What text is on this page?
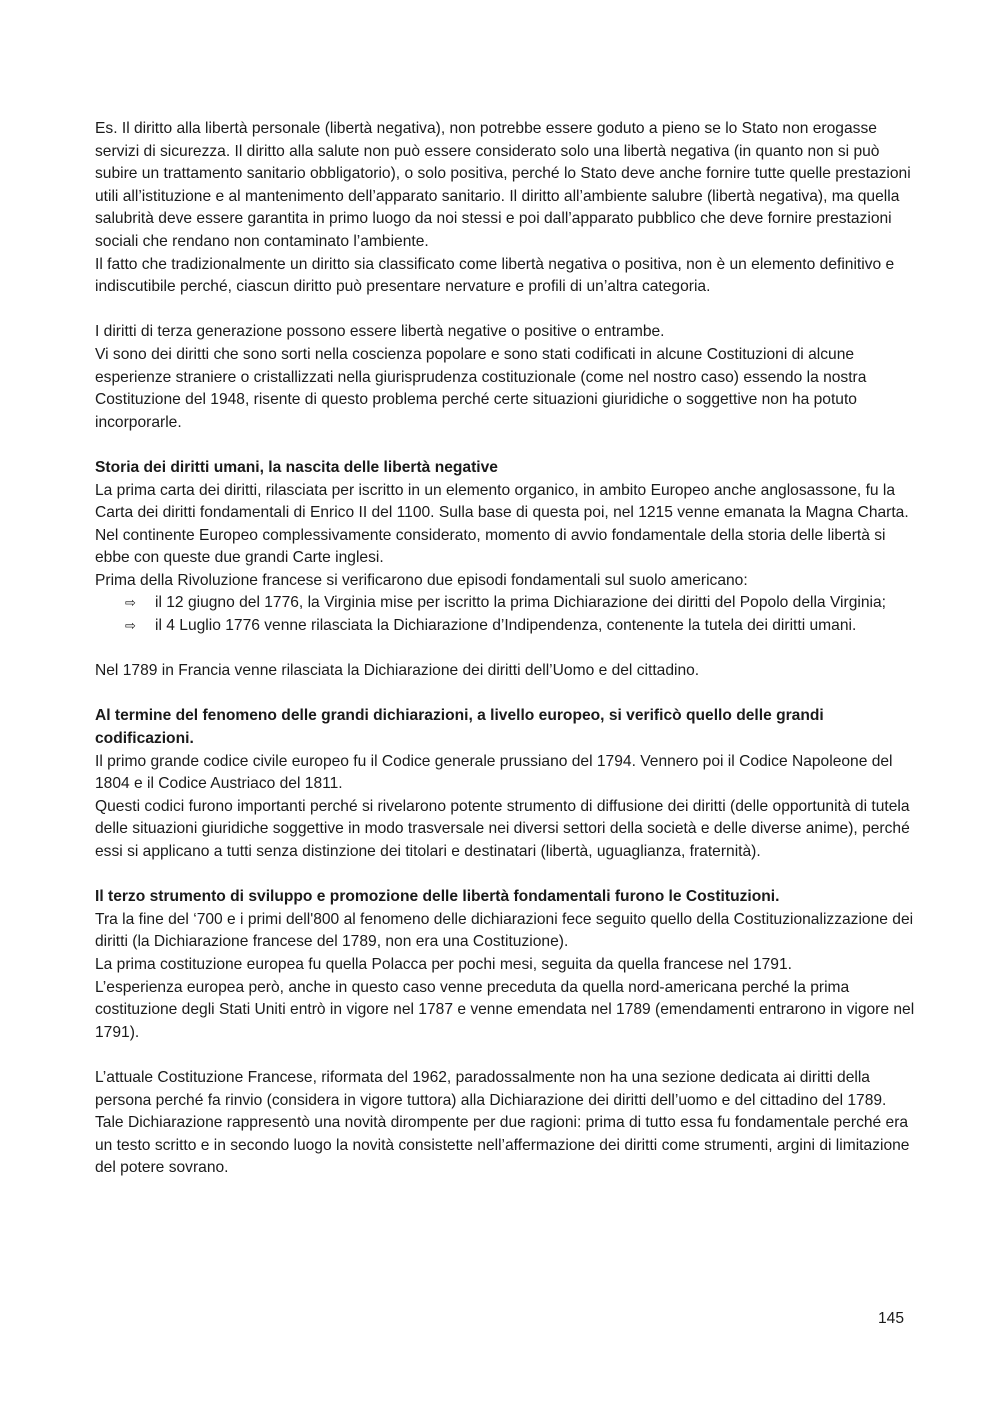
Es. Il diritto alla libertà personale (libertà negativa), non potrebbe essere goduto a pieno se lo Stato non erogasse servizi di sicurezza. Il diritto alla salute non può essere considerato solo una libertà negativa (in quanto non si può subire un trattamento sanitario obbligatorio), o solo positiva, perché lo Stato deve anche fornire tutte quelle prestazioni utili all’istituzione e al mantenimento dell’apparato sanitario. Il diritto all’ambiente salubre (libertà negativa), ma quella salubrità deve essere garantita in primo luogo da noi stessi e poi dall’apparato pubblico che deve fornire prestazioni sociali che rendano non contaminato l’ambiente.

Il fatto che tradizionalmente un diritto sia classificato come libertà negativa o positiva, non è un elemento definitivo e indiscutibile perché, ciascun diritto può presentare nervature e profili di un’altra categoria.

I diritti di terza generazione possono essere libertà negative o positive o entrambe.

Vi sono dei diritti che sono sorti nella coscienza popolare e sono stati codificati in alcune Costituzioni di alcune esperienze straniere o cristallizzati nella giurisprudenza costituzionale (come nel nostro caso) essendo la nostra Costituzione del 1948, risente di questo problema perché certe situazioni giuridiche o soggettive non ha potuto incorporarle.

Storia dei diritti umani, la nascita delle libertà negative

La prima carta dei diritti, rilasciata per iscritto in un elemento organico, in ambito Europeo anche anglosassone, fu la Carta dei diritti fondamentali di Enrico II del 1100. Sulla base di questa poi, nel 1215 venne emanata la Magna Charta. Nel continente Europeo complessivamente considerato, momento di avvio fondamentale della storia delle libertà si ebbe con queste due grandi Carte inglesi.

Prima della Rivoluzione francese si verificarono due episodi fondamentali sul suolo americano:

⇨ il 12 giugno del 1776, la Virginia mise per iscritto la prima Dichiarazione dei diritti del Popolo della Virginia;
⇨ il 4 Luglio 1776 venne rilasciata la Dichiarazione d’Indipendenza, contenente la tutela dei diritti umani.

Nel 1789 in Francia venne rilasciata la Dichiarazione dei diritti dell’Uomo e del cittadino.

Al termine del fenomeno delle grandi dichiarazioni, a livello europeo, si verificò quello delle grandi codificazioni.

Il primo grande codice civile europeo fu il Codice generale prussiano del 1794. Vennero poi il Codice Napoleone del 1804 e il Codice Austriaco del 1811.

Questi codici furono importanti perché si rivelarono potente strumento di diffusione dei diritti (delle opportunità di tutela delle situazioni giuridiche soggettive in modo trasversale nei diversi settori della società e delle diverse anime), perché essi si applicano a tutti senza distinzione dei titolari e destinatari (libertà, uguaglianza, fraternità).

Il terzo strumento di sviluppo e promozione delle libertà fondamentali furono le Costituzioni.

Tra la fine del ‘700 e i primi dell'800 al fenomeno delle dichiarazioni fece seguito quello della Costituzionalizzazione dei diritti (la Dichiarazione francese del 1789, non era una Costituzione).

La prima costituzione europea fu quella Polacca per pochi mesi, seguita da quella francese nel 1791.

L’esperienza europea però, anche in questo caso venne preceduta da quella nord-americana perché la prima costituzione degli Stati Uniti entrò in vigore nel 1787 e venne emendata nel 1789 (emendamenti entrarono in vigore nel 1791).

L’attuale Costituzione Francese, riformata del 1962, paradossalmente non ha una sezione dedicata ai diritti della persona perché fa rinvio (considera in vigore tuttora) alla Dichiarazione dei diritti dell’uomo e del cittadino del 1789. Tale Dichiarazione rappresentò una novità dirompente per due ragioni: prima di tutto essa fu fondamentale perché era un testo scritto e in secondo luogo la novità consistette nell’affermazione dei diritti come strumenti, argini di limitazione del potere sovrano.

145
